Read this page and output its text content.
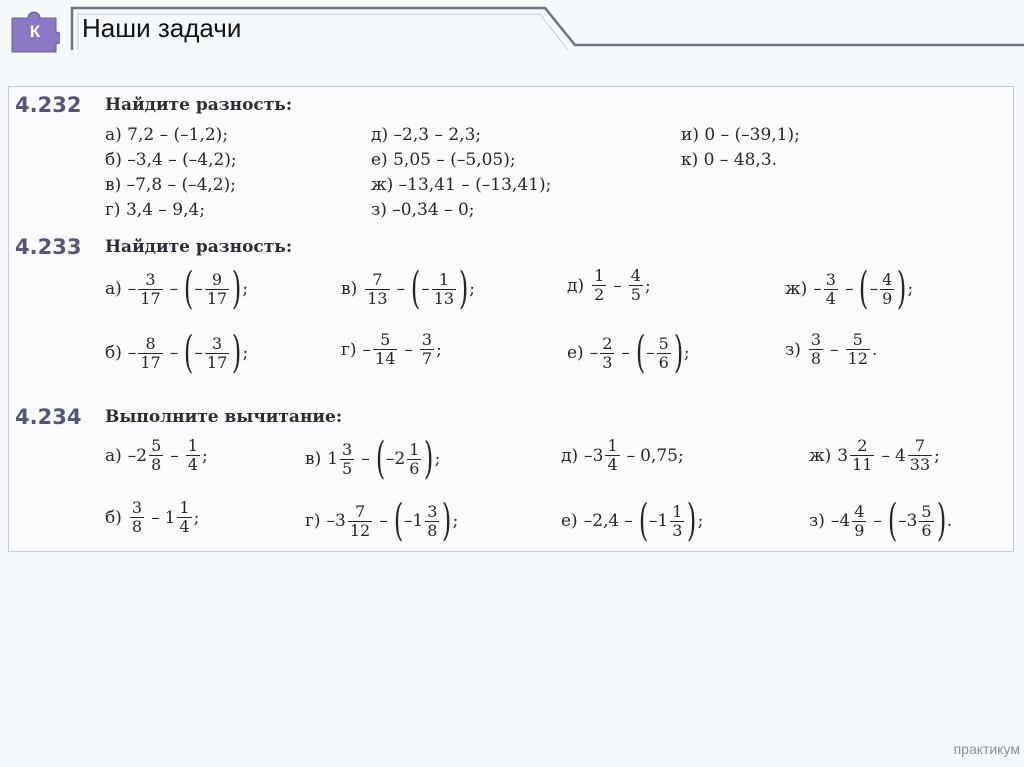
К	Наши задачи
4.232 Найдите разность:
а) 7,2 – (–1,2);
б) –3,4 – (–4,2);
в) –7,8 – (–4,2);
г) 3,4 – 9,4;
д) –2,3 – 2,3;
е) 5,05 – (–5,05);
ж) –13,41 – (–13,41);
з) –0,34 – 0;
и) 0 – (–39,1);
к) 0 – 48,3.
4.233 Найдите разность:
$а) - \frac{3}{17}$ – ( – $\frac{9}{17}$ ) ;	$в) \frac{7}{13}$ – ( – $\frac{1}{13}$ ) ;	$д) \frac{1}{2} - \frac{4}{5}$ ;	$ж) - \frac{3}{4}$ – ( – $\frac{4}{9}$ ) ;
$б) - \frac{8}{17}$ – ( – $\frac{3}{17}$ ) ;	$г) - \frac{5}{14} - \frac{3}{7}$ ;	$е) - \frac{2}{3}$ – ( – $\frac{5}{6}$ ) ;	$з) \frac{3}{8} - \frac{5}{12}$ .
4.234 Выполните вычитание:
а) $-2 \frac{5}{8} - \frac{1}{4}$ ;	в) $1 \frac{3}{5}$ – ( $-2 \frac{1}{6}$ ) ;	д) $-3 \frac{1}{4} - 0,75$ ;	ж) $3 \frac{2}{11} - 4 \frac{7}{33}$ ;
$б) \frac{3}{8} - 1 \frac{1}{4}$ ;	г) $-3 \frac{7}{12}$ – ( $-1 \frac{3}{8}$ ) ;	е) –2,4 – ( $-1 \frac{1}{3}$ ) ;	з) $-4 \frac{4}{9}$ – ( $-3 \frac{5}{6}$ ) .
практикум
